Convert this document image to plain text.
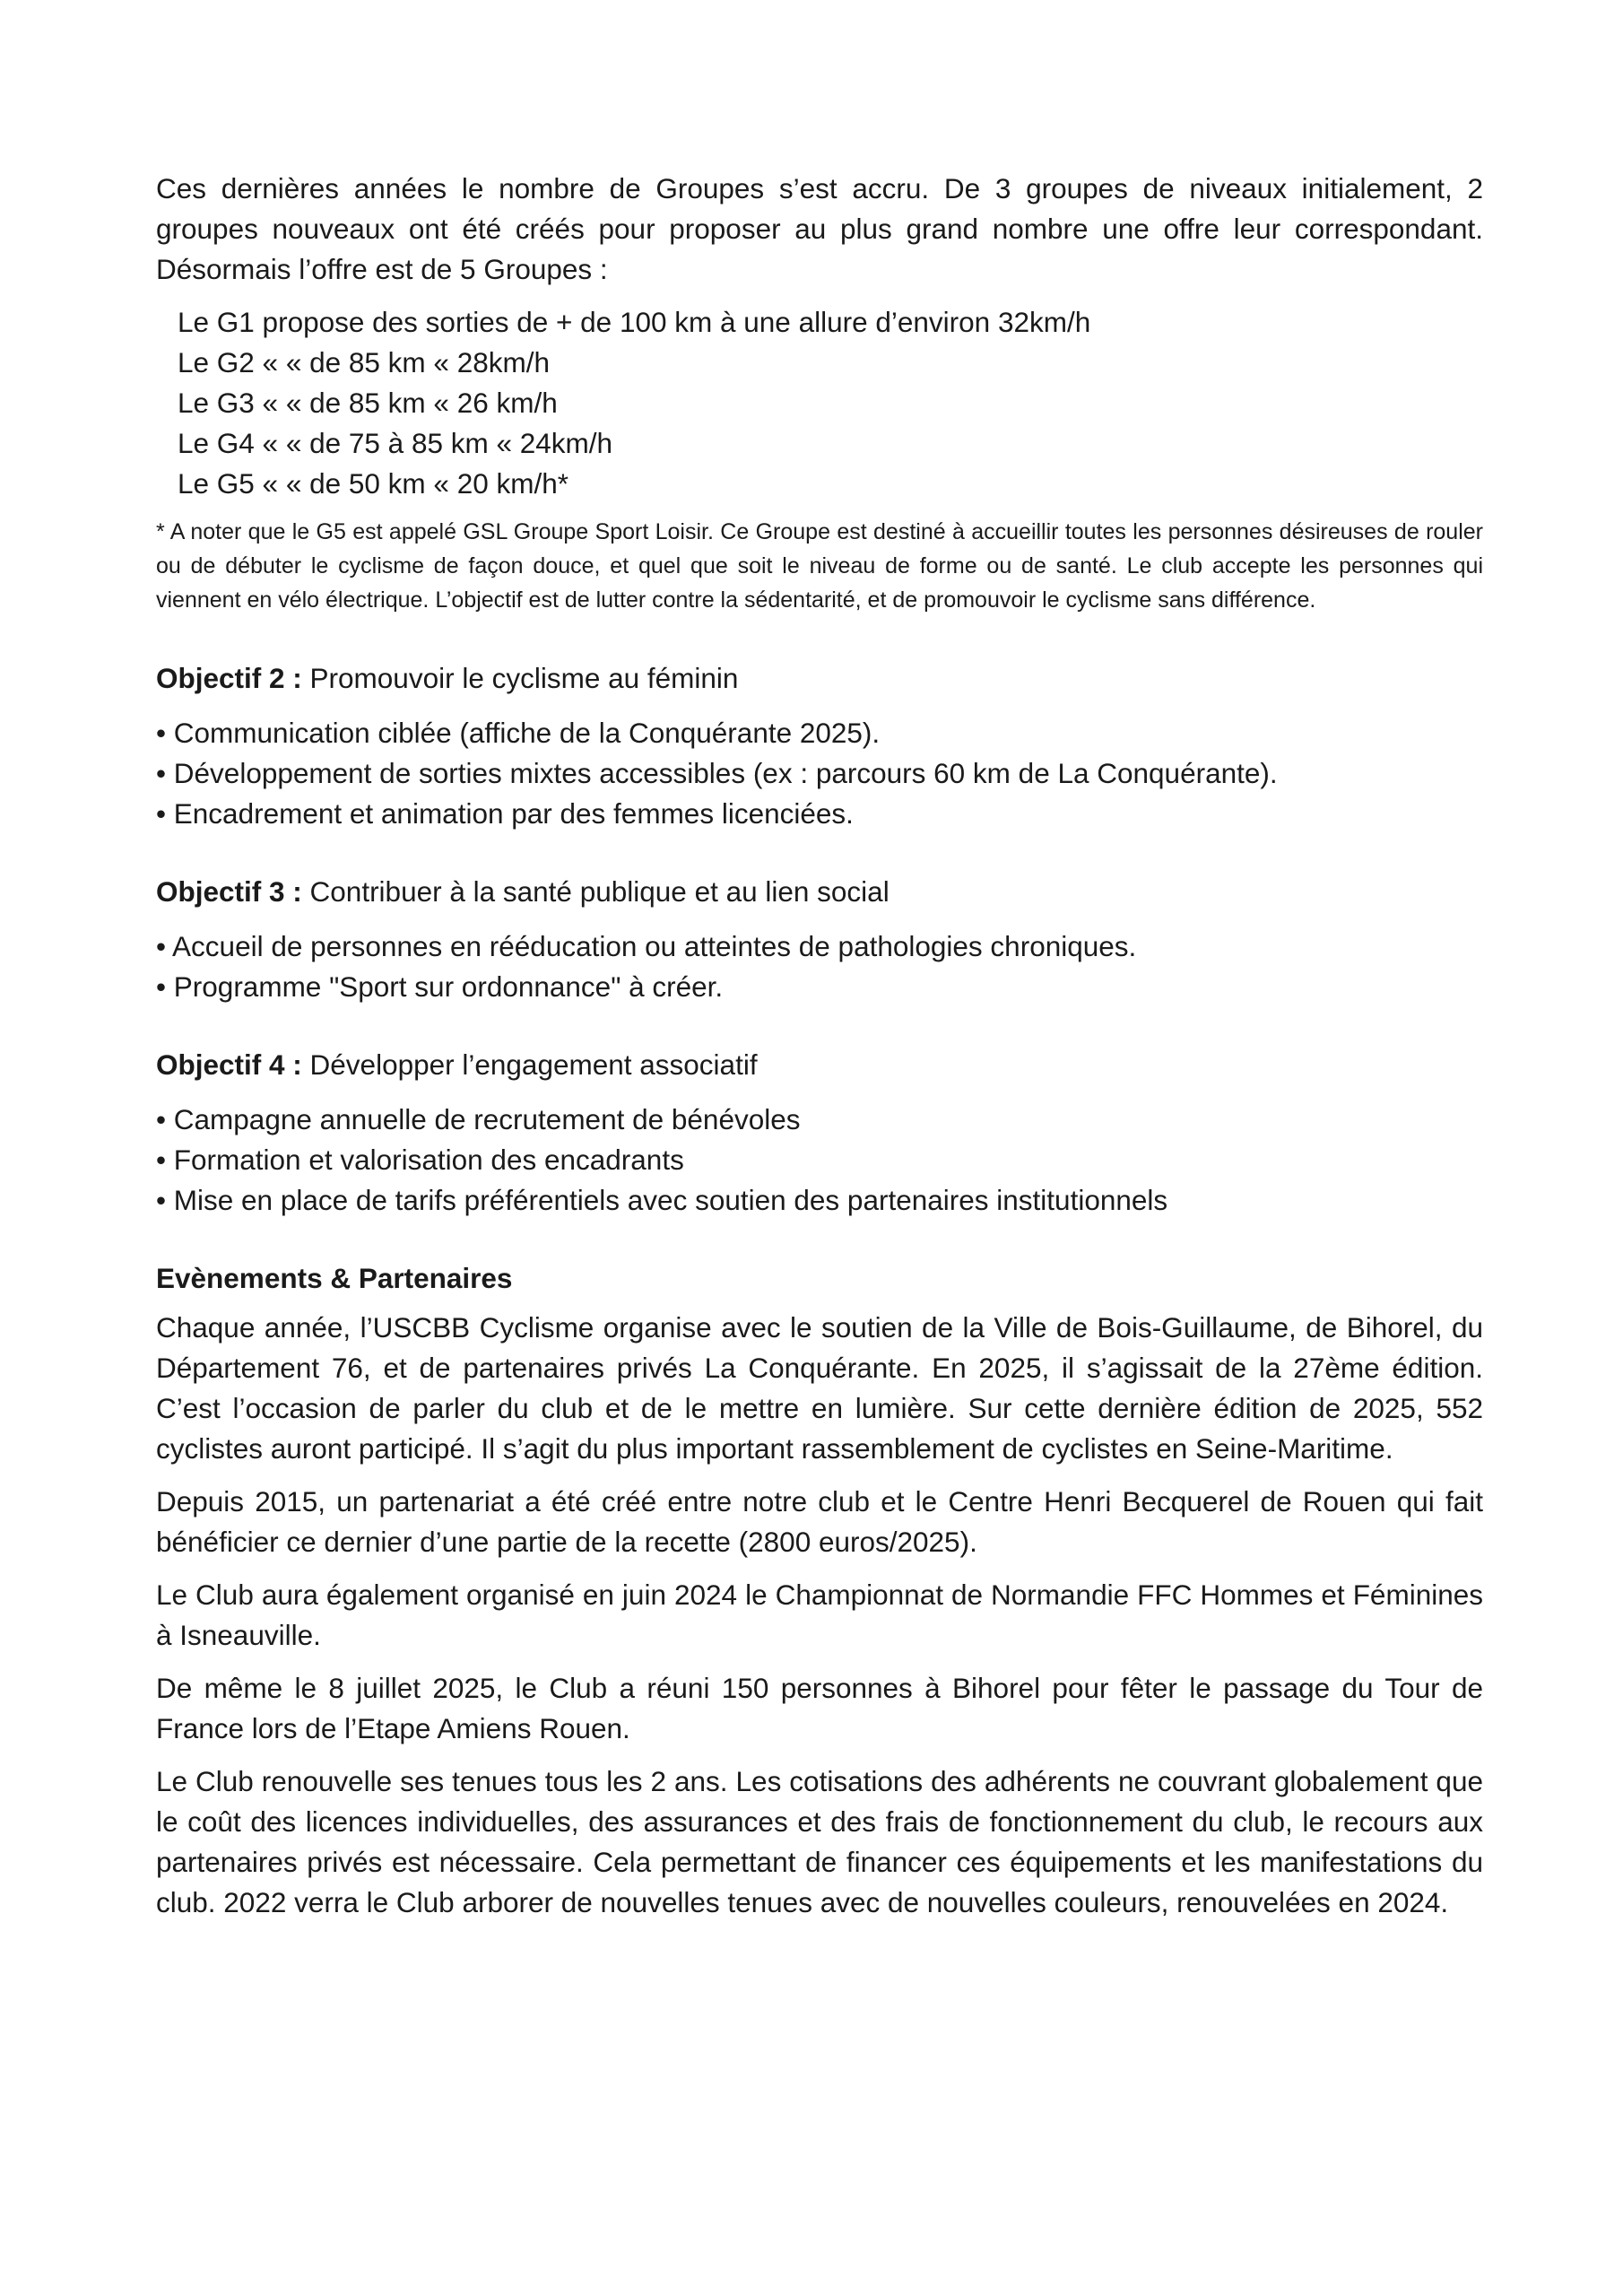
Ces dernières années le nombre de Groupes s’est accru. De 3 groupes de niveaux initialement, 2 groupes nouveaux ont été créés pour proposer au plus grand nombre une offre leur correspondant. Désormais l’offre est de 5 Groupes :

Le G1 propose des sorties de + de 100 km à une allure d’environ 32km/h
Le G2 « « de 85 km « 28km/h
Le G3 « « de 85 km « 26 km/h
Le G4 « « de 75 à 85 km « 24km/h
Le G5 « « de 50 km « 20 km/h*

* A noter que le G5 est appelé GSL Groupe Sport Loisir. Ce Groupe est destiné à accueillir toutes les personnes désireuses de rouler ou de débuter le cyclisme de façon douce, et quel que soit le niveau de forme ou de santé. Le club accepte les personnes qui viennent en vélo électrique. L’objectif est de lutter contre la sédentarité, et de promouvoir le cyclisme sans différence.

Objectif 2 : Promouvoir le cyclisme au féminin
• Communication ciblée (affiche de la Conquérante 2025).
• Développement de sorties mixtes accessibles (ex : parcours 60 km de La Conquérante).
• Encadrement et animation par des femmes licenciées.
Objectif 3 : Contribuer à la santé publique et au lien social
• Accueil de personnes en rééducation ou atteintes de pathologies chroniques.
• Programme "Sport sur ordonnance" à créer.
Objectif 4 : Développer l’engagement associatif
• Campagne annuelle de recrutement de bénévoles
• Formation et valorisation des encadrants
• Mise en place de tarifs préférentiels avec soutien des partenaires institutionnels
Evènements & Partenaires

Chaque année, l’USCBB Cyclisme organise avec le soutien de la Ville de Bois-Guillaume, de Bihorel, du Département 76, et de partenaires privés La Conquérante. En 2025, il s’agissait de la 27ème édition. C’est l’occasion de parler du club et de le mettre en lumière. Sur cette dernière édition de 2025, 552 cyclistes auront participé. Il s’agit du plus important rassemblement de cyclistes en Seine-Maritime.

Depuis 2015, un partenariat a été créé entre notre club et le Centre Henri Becquerel de Rouen qui fait bénéficier ce dernier d’une partie de la recette (2800 euros/2025).

Le Club aura également organisé en juin 2024 le Championnat de Normandie FFC Hommes et Féminines à Isneauville.

De même le 8 juillet 2025, le Club a réuni 150 personnes à Bihorel pour fêter le passage du Tour de France lors de l’Etape Amiens Rouen.

Le Club renouvelle ses tenues tous les 2 ans. Les cotisations des adhérents ne couvrant globalement que le coût des licences individuelles, des assurances et des frais de fonctionnement du club, le recours aux partenaires privés est nécessaire. Cela permettant de financer ces équipements et les manifestations du club. 2022 verra le Club arborer de nouvelles tenues avec de nouvelles couleurs, renouvelées en 2024.
